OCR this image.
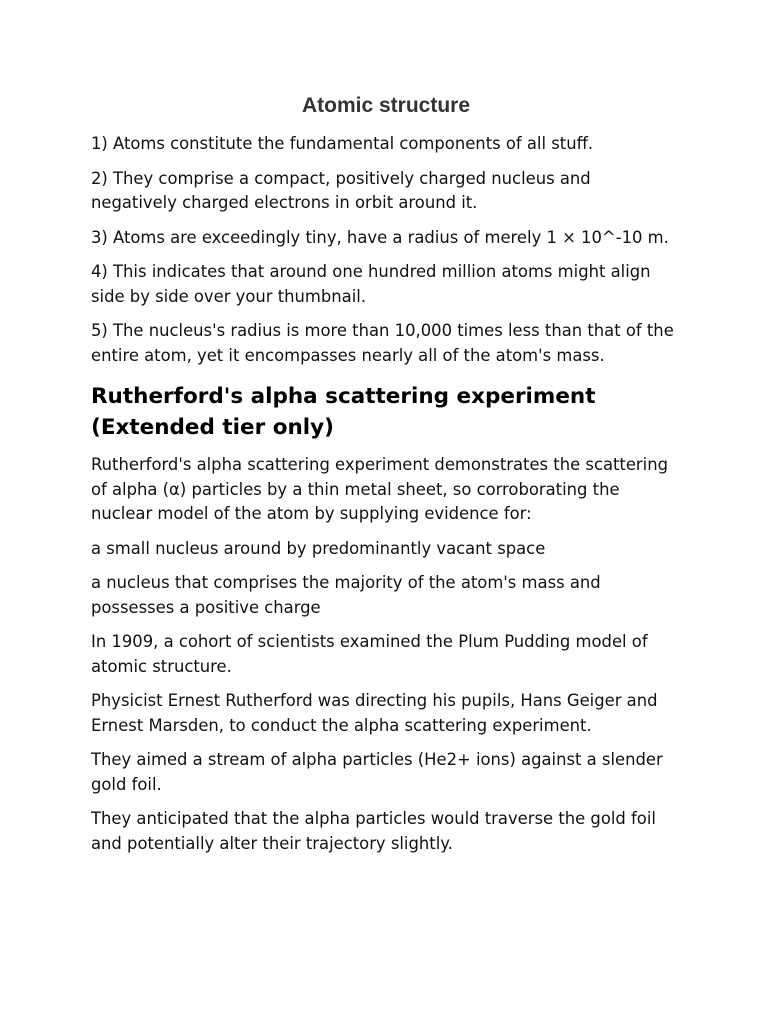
Atomic structure

1) Atoms constitute the fundamental components of all stuff.

2) They comprise a compact, positively charged nucleus and negatively charged electrons in orbit around it.

3) Atoms are exceedingly tiny, have a radius of merely 1 × 10^-10 m.

4) This indicates that around one hundred million atoms might align side by side over your thumbnail.

5) The nucleus's radius is more than 10,000 times less than that of the entire atom, yet it encompasses nearly all of the atom's mass.

Rutherford's alpha scattering experiment (Extended tier only)

Rutherford's alpha scattering experiment demonstrates the scattering of alpha (α) particles by a thin metal sheet, so corroborating the nuclear model of the atom by supplying evidence for:

a small nucleus around by predominantly vacant space

a nucleus that comprises the majority of the atom's mass and possesses a positive charge

In 1909, a cohort of scientists examined the Plum Pudding model of atomic structure.

Physicist Ernest Rutherford was directing his pupils, Hans Geiger and Ernest Marsden, to conduct the alpha scattering experiment.

They aimed a stream of alpha particles (He2+ ions) against a slender gold foil.

They anticipated that the alpha particles would traverse the gold foil and potentially alter their trajectory slightly.
